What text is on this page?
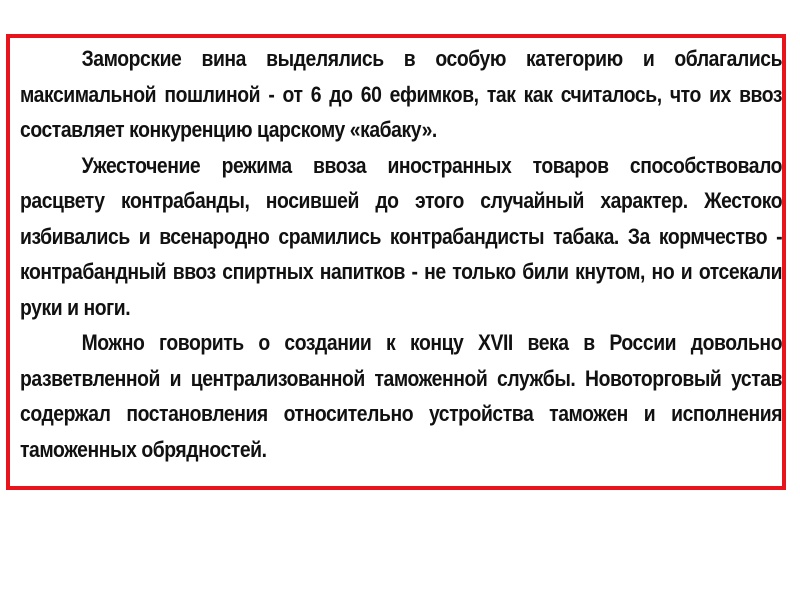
Заморские вина выделялись в особую категорию и облагались максимальной пошлиной - от 6 до 60 ефимков, так как считалось, что их ввоз составляет конкуренцию царскому «кабаку».

Ужесточение режима ввоза иностранных товаров способствовало расцвету контрабанды, носившей до этого случайный характер. Жестоко избивались и всенародно срамились контрабандисты табака. За кормчество - контрабандный ввоз спиртных напитков - не только били кнутом, но и отсекали руки и ноги.

Можно говорить о создании к концу XVII века в России довольно разветвленной и централизованной таможенной службы. Новоторговый устав содержал постановления относительно устройства таможен и исполнения таможенных обрядностей.
